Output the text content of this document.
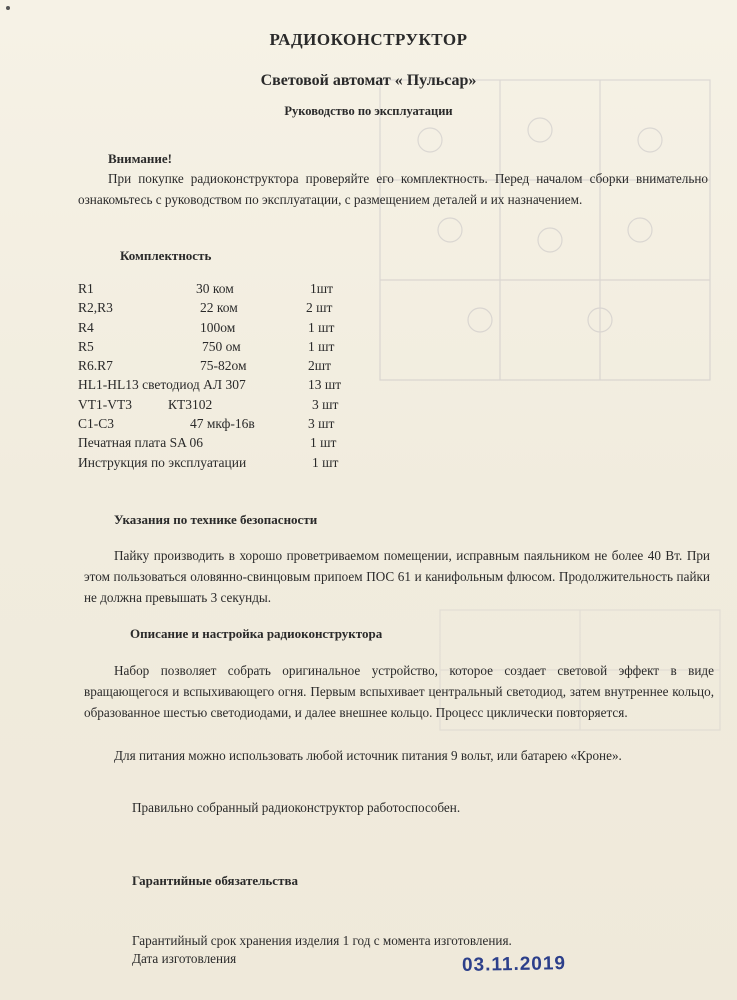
РАДИОКОНСТРУКТОР
Световой автомат « Пульсар»
Руководство по эксплуатации
Внимание!
При покупке радиоконструктора проверяйте его комплектность. Перед началом сборки внимательно ознакомьтесь с руководством по эксплуатации, с размещением деталей и их назначением.
Комплектность
R1	30 ком	1шт
R2,R3	22 ком	2 шт
R4	100ом	1 шт
R5	750 ом	1 шт
R6.R7	75-82ом	2шт
HL1-HL13 светодиод АЛ 307	13 шт
VT1-VT3	КТ3102	3 шт
C1-C3	47 мкф-16в	3 шт
Печатная плата SA 06	1 шт
Инструкция по эксплуатации	1 шт
Указания по технике безопасности
Пайку производить в хорошо проветриваемом помещении, исправным паяльником не более 40 Вт. При этом пользоваться оловянно-свинцовым припоем ПОС 61 и канифольным флюсом. Продолжительность пайки не должна превышать 3 секунды.
Описание и настройка радиоконструктора
Набор позволяет собрать оригинальное устройство, которое создает световой эффект в виде вращающегося и вспыхивающего огня. Первым вспыхивает центральный светодиод, затем внутреннее кольцо, образованное шестью светодиодами, и далее внешнее кольцо. Процесс циклически повторяется.
Для питания можно использовать любой источник питания 9 вольт, или батарею «Кроне».
Правильно собранный радиоконструктор работоспособен.
Гарантийные обязательства
Гарантийный срок хранения изделия 1 год с момента изготовления.
Дата изготовления	03.11.2019
